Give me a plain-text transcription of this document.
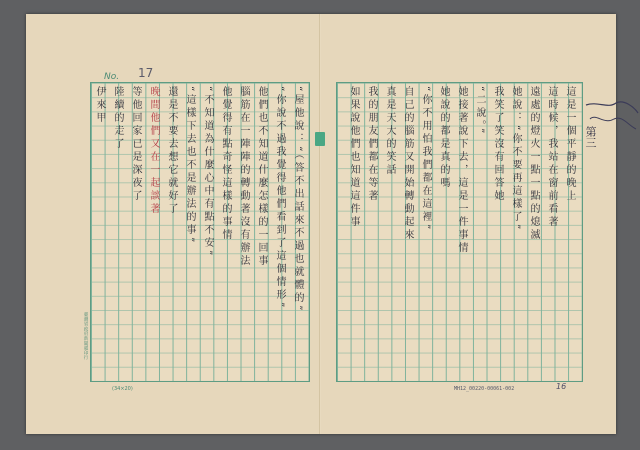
No. 17
臺灣省政府新聞處印行
“屋他說：“（答不出話來不過也就體的”
“你說不過我覺得他們看到了這個情形”
他們也不知道什麼怎樣的一回事
腦筋在一陣陣的轉動著沒有辦法
他覺得有點奇怪這樣的事情
“不知道為什麼心中有點不安”
“這樣下去也不是辦法的事”
還是不要去想它就好了
晚間他們又在一起談著
等他回家已是深夜了
陸續的走了
伊來甲	這是一個平靜的晚上
這時候，我站在窗前看著
遠處的燈火一點一點的熄滅
她說：“你不要再這樣了”
我笑了笑沒有回答她
“二說。”
她接著說下去，這是一件事情
她說的都是真的嗎
“你不用怕我們都在這裡”
自己的腦筋又開始轉動起來
真是天大的笑話
我的朋友們都在等著
如果說他們也知道這件事	第三
(34×20)	MH12_00220-00061-002	16
